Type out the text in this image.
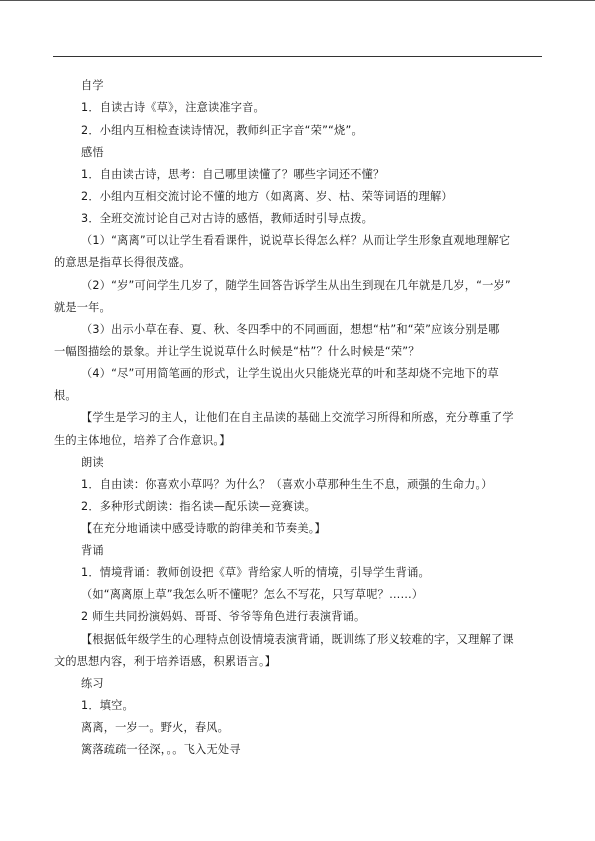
自学
1．自读古诗《草》，注意读准字音。
2．小组内互相检查读诗情况，教师纠正字音“荣”“烧”。
感悟
1．自由读古诗，思考：自己哪里读懂了？哪些字词还不懂？
2．小组内互相交流讨论不懂的地方（如离离、岁、枯、荣等词语的理解）
3．全班交流讨论自己对古诗的感悟，教师适时引导点拨。
（1）“离离”可以让学生看看课件，说说草长得怎么样？从而让学生形象直观地理解它
的意思是指草长得很茂盛。
（2）“岁”可问学生几岁了，随学生回答告诉学生从出生到现在几年就是几岁，“一岁”
就是一年。
（3）出示小草在春、夏、秋、冬四季中的不同画面，想想“枯”和“荣”应该分别是哪
一幅图描绘的景象。并让学生说说草什么时候是“枯”？什么时候是“荣”？
（4）“尽”可用简笔画的形式，让学生说出火只能烧光草的叶和茎却烧不完地下的草
根。
【学生是学习的主人，让他们在自主品读的基础上交流学习所得和所惑，充分尊重了学
生的主体地位，培养了合作意识。】
朗读
1．自由读：你喜欢小草吗？为什么？（喜欢小草那种生生不息，顽强的生命力。）
2．多种形式朗读：指名读—配乐读—竞赛读。
【在充分地诵读中感受诗歌的韵律美和节奏美。】
背诵
1．情境背诵：教师创设把《草》背给家人听的情境，引导学生背诵。
（如“离离原上草”我怎么听不懂呢？怎么不写花，只写草呢？……）
2 师生共同扮演妈妈、哥哥、爷爷等角色进行表演背诵。
【根据低年级学生的心理特点创设情境表演背诵，既训练了形义较难的字，又理解了课
文的思想内容，利于培养语感，积累语言。】
练习
1．填空。
离离，一岁一。野火，春风。
篱落疏疏一径深，。。飞入无处寻
